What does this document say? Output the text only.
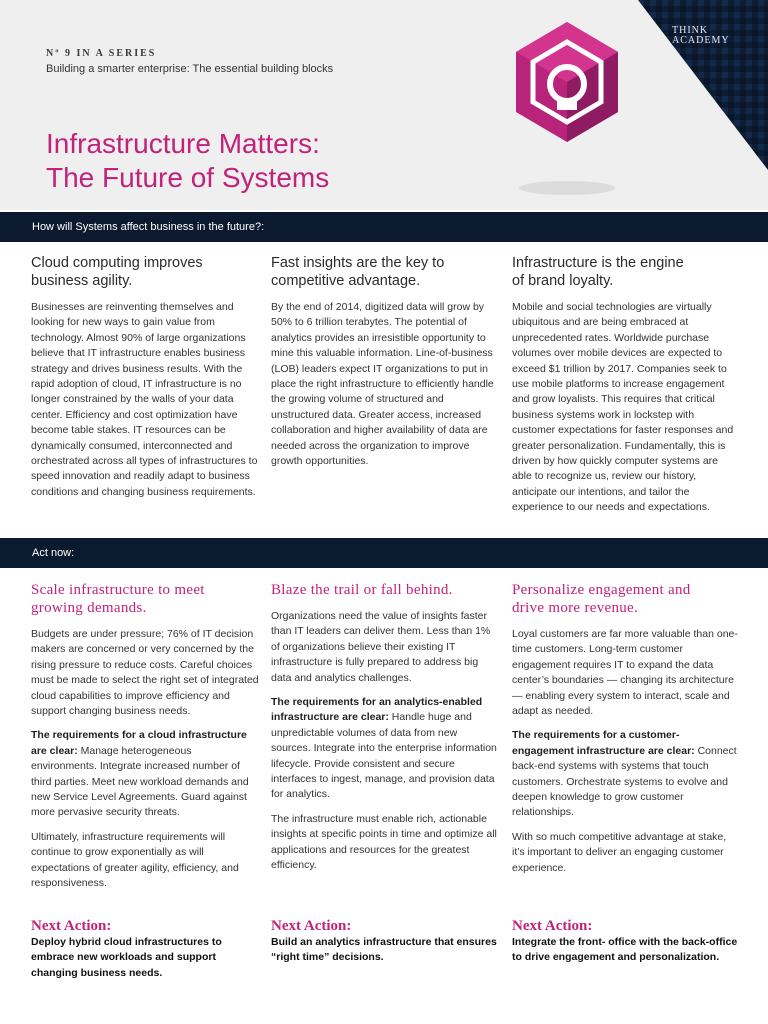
Nº 9 IN A SERIES
Building a smarter enterprise: The essential building blocks
Infrastructure Matters:
The Future of Systems
THINK
ACADEMY
How will Systems affect business in the future?:
Cloud computing improves
business agility.

Businesses are reinventing themselves and looking for new ways to gain value from technology. Almost 90% of large organizations believe that IT infrastructure enables business strategy and drives business results. With the rapid adoption of cloud, IT infrastructure is no longer constrained by the walls of your data center. Efficiency and cost optimization have become table stakes. IT resources can be dynamically consumed, interconnected and orchestrated across all types of infrastructures to speed innovation and readily adapt to business conditions and changing business requirements.

Fast insights are the key to
competitive advantage.

By the end of 2014, digitized data will grow by 50% to 6 trillion terabytes. The potential of analytics provides an irresistible opportunity to mine this valuable information. Line-of-business (LOB) leaders expect IT organizations to put in place the right infrastructure to efficiently handle the growing volume of structured and unstructured data. Greater access, increased collaboration and higher availability of data are needed across the organization to improve growth opportunities.

Infrastructure is the engine
of brand loyalty.

Mobile and social technologies are virtually ubiquitous and are being embraced at unprecedented rates. Worldwide purchase volumes over mobile devices are expected to exceed $1 trillion by 2017. Companies seek to use mobile platforms to increase engagement and grow loyalists. This requires that critical business systems work in lockstep with customer expectations for faster responses and greater personalization. Fundamentally, this is driven by how quickly computer systems are able to recognize us, review our history, anticipate our intentions, and tailor the experience to our needs and expectations.

Act now:
Scale infrastructure to meet
growing demands.

Budgets are under pressure; 76% of IT decision makers are concerned or very concerned by the rising pressure to reduce costs. Careful choices must be made to select the right set of integrated cloud capabilities to improve efficiency and support changing business needs.

The requirements for a cloud infrastructure are clear: Manage heterogeneous environments. Integrate increased number of third parties. Meet new workload demands and new Service Level Agreements. Guard against more pervasive security threats.

Ultimately, infrastructure requirements will continue to grow exponentially as will expectations of greater agility, efficiency, and responsiveness.

Blaze the trail or fall behind.

Organizations need the value of insights faster than IT leaders can deliver them. Less than 1% of organizations believe their existing IT infrastructure is fully prepared to address big data and analytics challenges.

The requirements for an analytics-enabled infrastructure are clear: Handle huge and unpredictable volumes of data from new sources. Integrate into the enterprise information lifecycle. Provide consistent and secure interfaces to ingest, manage, and provision data for analytics.

The infrastructure must enable rich, actionable insights at specific points in time and optimize all applications and resources for the greatest efficiency.

Personalize engagement and
drive more revenue.

Loyal customers are far more valuable than one-time customers. Long-term customer engagement requires IT to expand the data center’s boundaries — changing its architecture — enabling every system to interact, scale and adapt as needed.

The requirements for a customer-engagement infrastructure are clear: Connect back-end systems with systems that touch customers. Orchestrate systems to evolve and deepen knowledge to grow customer relationships.

With so much competitive advantage at stake, it’s important to deliver an engaging customer experience.

Next Action:
Deploy hybrid cloud infrastructures to embrace new workloads and support changing business needs.
Next Action:
Build an analytics infrastructure that ensures “right time” decisions.
Next Action:
Integrate the front- office with the back-office to drive engagement and personalization.
